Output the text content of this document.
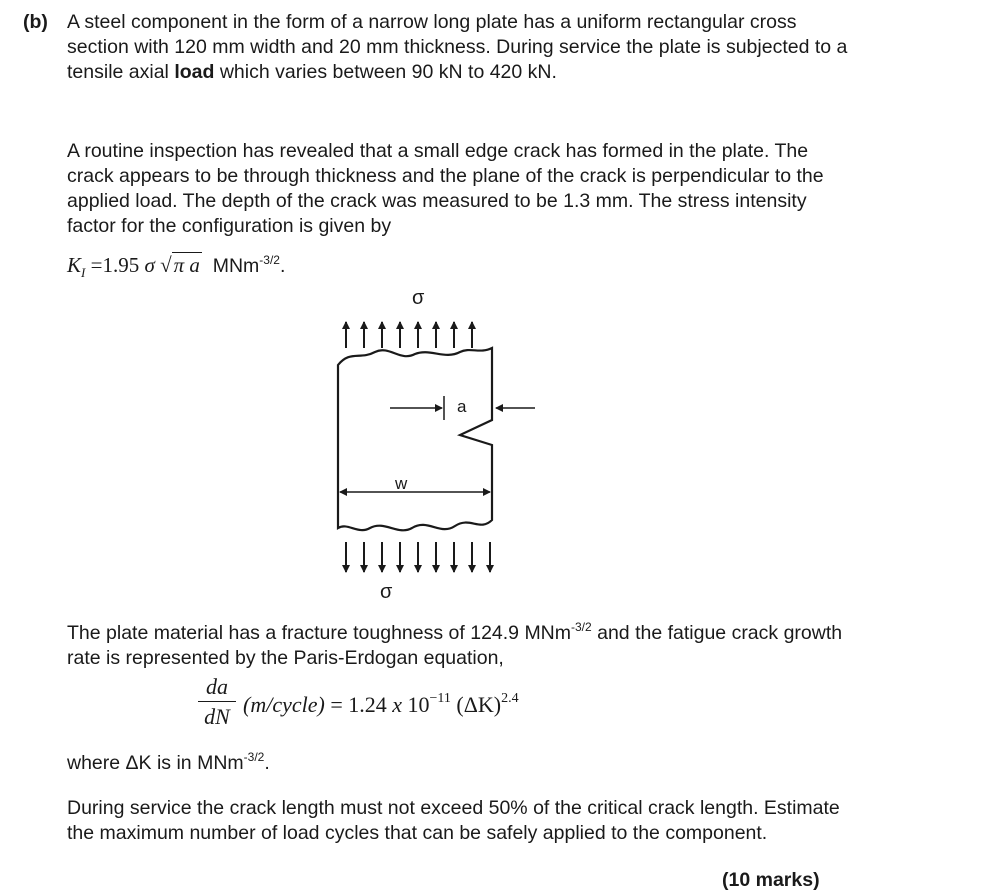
(b) A steel component in the form of a narrow long plate has a uniform rectangular cross section with 120 mm width and 20 mm thickness. During service the plate is subjected to a tensile axial load which varies between 90 kN to 420 kN.

A routine inspection has revealed that a small edge crack has formed in the plate. The crack appears to be through thickness and the plane of the crack is perpendicular to the applied load. The depth of the crack was measured to be 1.3 mm. The stress intensity factor for the configuration is given by

$K_I =1.95$ σ √π a MNm$^{-3/2}$.
σ
a
w
σ

The plate material has a fracture toughness of 124.9 MNm$^{-3/2}$ and the fatigue crack growth rate is represented by the Paris-Erdogan equation,

da
dN (m/cycle) = 1.24 x $10^{-11}$ $(\Delta K)^{2.4}$
where ΔK is in MNm$^{-3/2}$.

During service the crack length must not exceed 50% of the critical crack length. Estimate the maximum number of load cycles that can be safely applied to the component.

(10 marks)
